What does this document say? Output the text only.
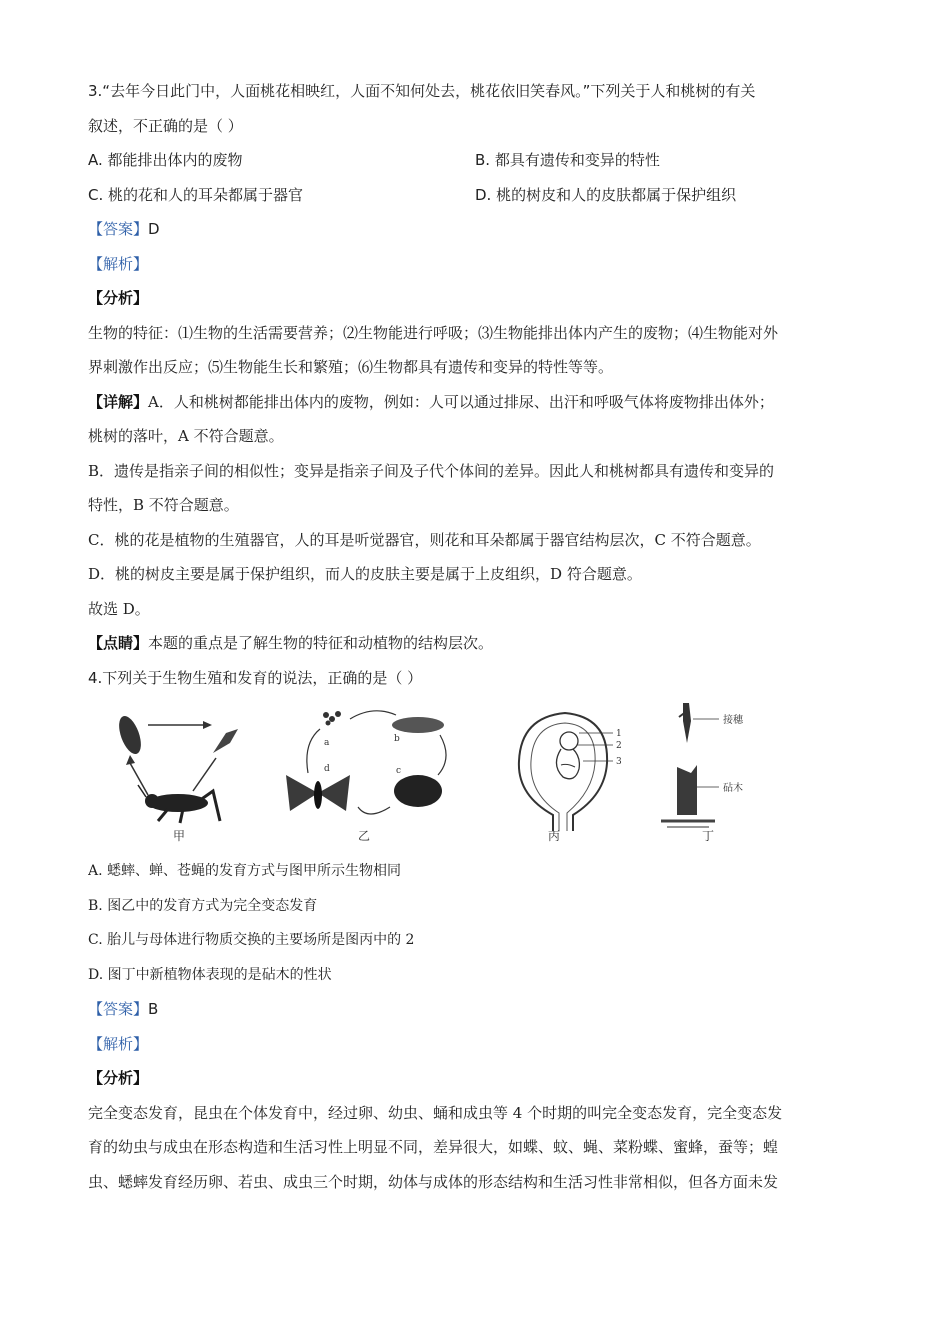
3.“去年今日此门中，人面桃花相映红，人面不知何处去，桃花依旧笑春风。”下列关于人和桃树的有关
叙述，不正确的是（ ）
A. 都能排出体内的废物	B. 都具有遗传和变异的特性
C. 桃的花和人的耳朵都属于器官	D. 桃的树皮和人的皮肤都属于保护组织
【答案】D
【解析】
【分析】
生物的特征：⑴生物的生活需要营养；⑵生物能进行呼吸；⑶生物能排出体内产生的废物；⑷生物能对外
界刺激作出反应；⑸生物能生长和繁殖；⑹生物都具有遗传和变异的特性等等。
【详解】A．人和桃树都能排出体内的废物，例如：人可以通过排尿、出汗和呼吸气体将废物排出体外；
桃树的落叶，A 不符合题意。
B．遗传是指亲子间的相似性；变异是指亲子间及子代个体间的差异。因此人和桃树都具有遗传和变异的
特性，B 不符合题意。
C．桃的花是植物的生殖器官，人的耳是听觉器官，则花和耳朵都属于器官结构层次，C 不符合题意。
D．桃的树皮主要是属于保护组织，而人的皮肤主要是属于上皮组织，D 符合题意。
故选 D。
【点睛】本题的重点是了解生物的特征和动植物的结构层次。
4.下列关于生物生殖和发育的说法，正确的是（ ）
甲
a	b
c
d
乙
1
2
3
丙
接穗
砧木
丁
A. 蟋蟀、蝉、苍蝇的发育方式与图甲所示生物相同
B. 图乙中的发育方式为完全变态发育
C. 胎儿与母体进行物质交换的主要场所是图丙中的 2
D. 图丁中新植物体表现的是砧木的性状
【答案】B
【解析】
【分析】
完全变态发育，昆虫在个体发育中，经过卵、幼虫、蛹和成虫等 4 个时期的叫完全变态发育，完全变态发
育的幼虫与成虫在形态构造和生活习性上明显不同，差异很大，如蝶、蚊、蝇、菜粉蝶、蜜蜂，蚕等；蝗
虫、蟋蟀发育经历卵、若虫、成虫三个时期，幼体与成体的形态结构和生活习性非常相似，但各方面未发
